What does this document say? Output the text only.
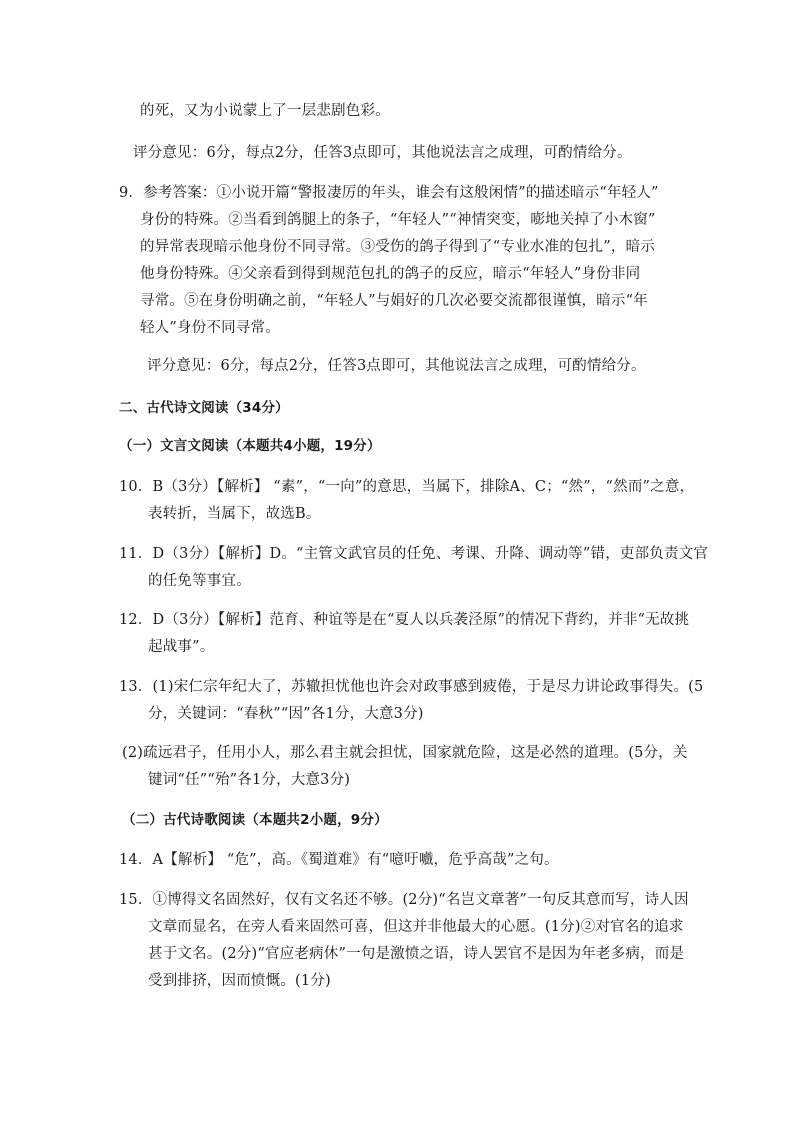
的死，又为小说蒙上了一层悲剧色彩。
评分意见：6分，每点2分，任答3点即可，其他说法言之成理，可酌情给分。
9．参考答案：①小说开篇“警报凄厉的年头，谁会有这般闲情”的描述暗示“年轻人”
身份的特殊。②当看到鸽腿上的条子，“年轻人”“神情突变，嘭地关掉了小木窗”
的异常表现暗示他身份不同寻常。③受伤的鸽子得到了“专业水准的包扎”，暗示
他身份特殊。④父亲看到得到规范包扎的鸽子的反应，暗示“年轻人”身份非同
寻常。⑤在身份明确之前，“年轻人”与娟好的几次必要交流都很谨慎，暗示“年
轻人”身份不同寻常。
评分意见：6分，每点2分，任答3点即可，其他说法言之成理，可酌情给分。
二、古代诗文阅读（34分）
（一）文言文阅读（本题共4小题，19分）
10．B（3分）【解析】 “素”，“一向”的意思，当属下，排除A、C；“然”，“然而”之意，
表转折，当属下，故选B。
11．D（3分）【解析】D。“主管文武官员的任免、考课、升降、调动等”错，吏部负责文官
的任免等事宜。
12．D（3分）【解析】范育、种谊等是在“夏人以兵袭泾原”的情况下背约，并非“无故挑
起战事”。
13．(1)宋仁宗年纪大了，苏辙担忧他也许会对政事感到疲倦，于是尽力讲论政事得失。(5
分，关键词：“春秋”“因”各1分，大意3分)
(2)疏远君子，任用小人，那么君主就会担忧，国家就危险，这是必然的道理。(5分，关
键词“任”“殆”各1分，大意3分)
（二）古代诗歌阅读（本题共2小题，9分）
14．A【解析】 “危”，高。《蜀道难》有“噫吁嚱，危乎高哉”之句。
15．①博得文名固然好，仅有文名还不够。(2分)“名岂文章著”一句反其意而写，诗人因
文章而显名，在旁人看来固然可喜，但这并非他最大的心愿。(1分)②对官名的追求
甚于文名。(2分)“官应老病休”一句是激愤之语，诗人罢官不是因为年老多病，而是
受到排挤，因而愤慨。(1分)
